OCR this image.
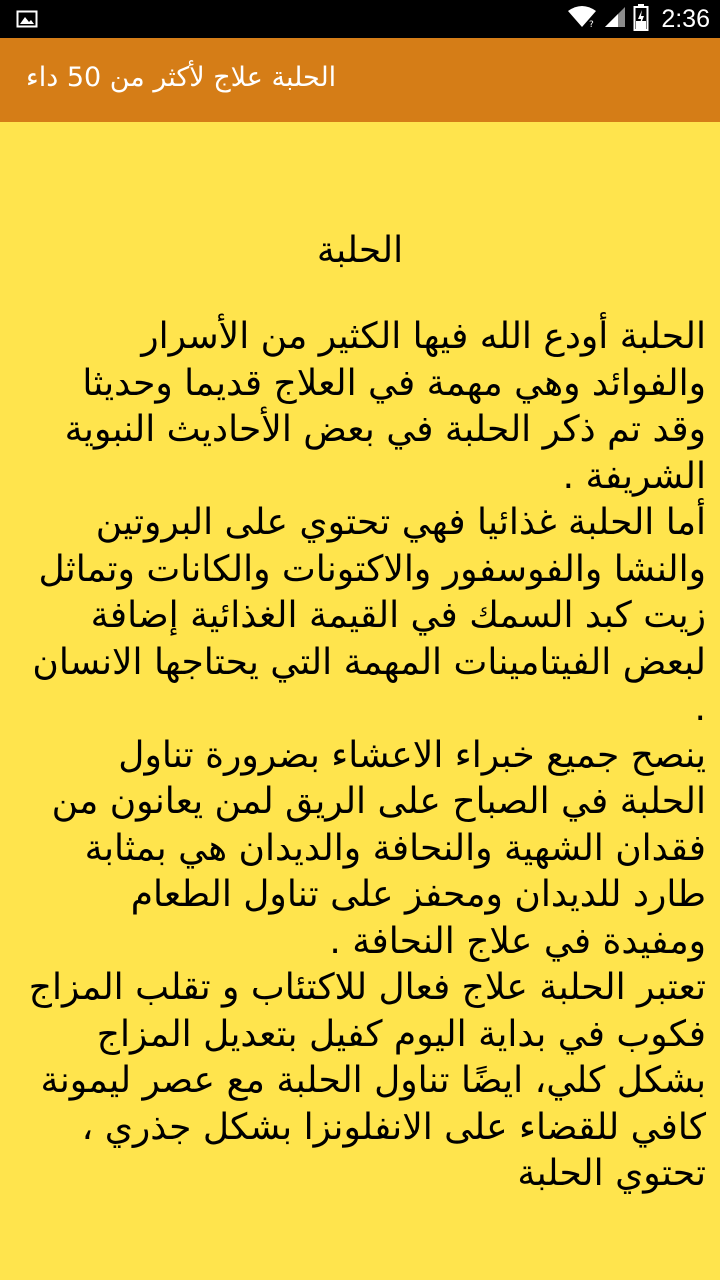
?	2:36
الحلبة علاج لأكثر من 50 داء
الحلبة

الحلبة أودع الله فيها الكثير من الأسرار والفوائد وهي مهمة في العلاج قديما وحديثا وقد تم ذكر الحلبة في بعض الأحاديث النبوية الشريفة .

أما الحلبة غذائيا فهي تحتوي على البروتين والنشا والفوسفور والاكتونات والكانات وتماثل زيت كبد السمك في القيمة الغذائية إضافة لبعض الفيتامينات المهمة التي يحتاجها الانسان .

ينصح جميع خبراء الاعشاء بضرورة تناول الحلبة في الصباح على الريق لمن يعانون من فقدان الشهية والنحافة والديدان هي بمثابة طارد للديدان ومحفز على تناول الطعام ومفيدة في علاج النحافة .

تعتبر الحلبة علاج فعال للاكتئاب و تقلب المزاج فكوب في بداية اليوم كفيل بتعديل المزاج بشكل كلي، ايضًا تناول الحلبة مع عصر ليمونة كافي للقضاء على الانفلونزا بشكل جذري ، تحتوي الحلبة
